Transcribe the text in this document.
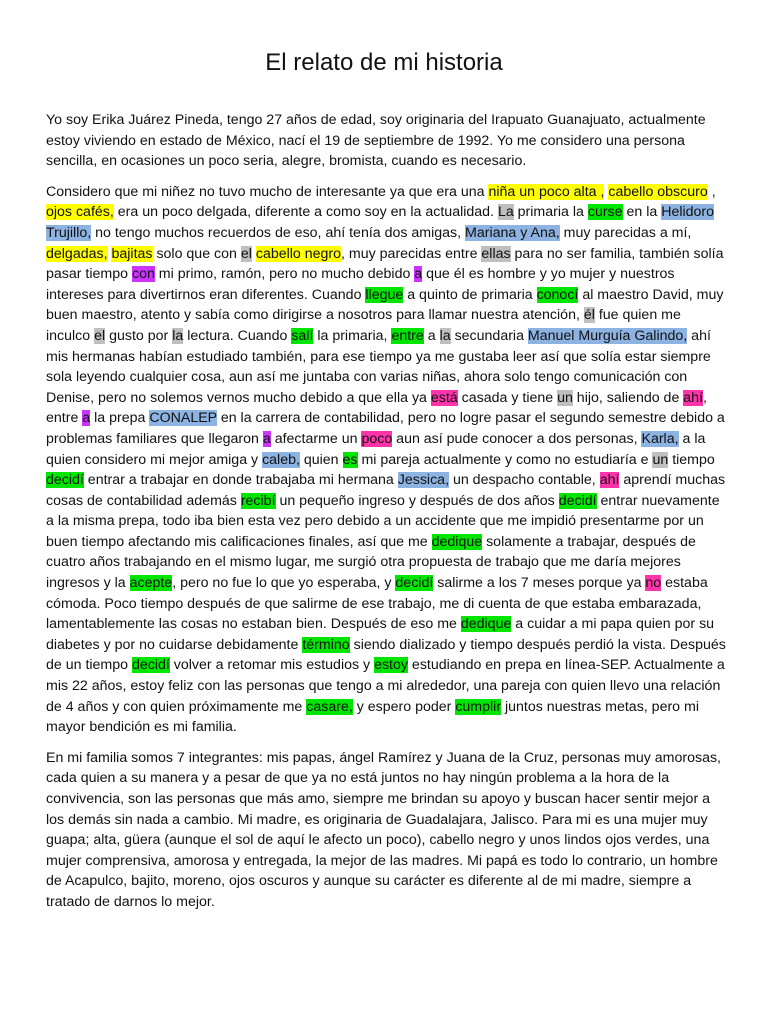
El relato de mi historia

Yo soy Erika Juárez Pineda, tengo 27 años de edad, soy originaria del Irapuato Guanajuato, actualmente estoy viviendo en estado de México, nací el 19 de septiembre de 1992. Yo me considero una persona sencilla, en ocasiones un poco seria, alegre, bromista, cuando es necesario.

Considero que mi niñez no tuvo mucho de interesante ya que era una niña un poco alta , cabello obscuro , ojos cafés, era un poco delgada, diferente a como soy en la actualidad. La primaria la curse en la Helidoro Trujillo, no tengo muchos recuerdos de eso, ahí tenía dos amigas, Mariana y Ana, muy parecidas a mí, delgadas, bajitas solo que con el cabello negro, muy parecidas entre ellas para no ser familia, también solía pasar tiempo con mi primo, ramón, pero no mucho debido a que él es hombre y yo mujer y nuestros intereses para divertirnos eran diferentes. Cuando llegue a quinto de primaria conocí al maestro David, muy buen maestro, atento y sabía como dirigirse a nosotros para llamar nuestra atención, él fue quien me inculco el gusto por la lectura. Cuando salí la primaria, entre a la secundaria Manuel Murguía Galindo, ahí mis hermanas habían estudiado también, para ese tiempo ya me gustaba leer así que solía estar siempre sola leyendo cualquier cosa, aun así me juntaba con varias niñas, ahora solo tengo comunicación con Denise, pero no solemos vernos mucho debido a que ella ya está casada y tiene un hijo, saliendo de ahí, entre a la prepa CONALEP en la carrera de contabilidad, pero no logre pasar el segundo semestre debido a problemas familiares que llegaron a afectarme un poco aun así pude conocer a dos personas, Karla, a la quien considero mi mejor amiga y caleb, quien es mi pareja actualmente y como no estudiaría e un tiempo decidí entrar a trabajar en donde trabajaba mi hermana Jessica, un despacho contable, ahí aprendí muchas cosas de contabilidad además recibí un pequeño ingreso y después de dos años decidí entrar nuevamente a la misma prepa, todo iba bien esta vez pero debido a un accidente que me impidió presentarme por un buen tiempo afectando mis calificaciones finales, así que me dedique solamente a trabajar, después de cuatro años trabajando en el mismo lugar, me surgió otra propuesta de trabajo que me daría mejores ingresos y la acepte, pero no fue lo que yo esperaba, y decidí salirme a los 7 meses porque ya no estaba cómoda. Poco tiempo después de que salirme de ese trabajo, me di cuenta de que estaba embarazada, lamentablemente las cosas no estaban bien. Después de eso me dedique a cuidar a mi papa quien por su diabetes y por no cuidarse debidamente término siendo dializado y tiempo después perdió la vista. Después de un tiempo decidí volver a retomar mis estudios y estoy estudiando en prepa en línea-SEP. Actualmente a mis 22 años, estoy feliz con las personas que tengo a mi alrededor, una pareja con quien llevo una relación de 4 años y con quien próximamente me casare, y espero poder cumplir juntos nuestras metas, pero mi mayor bendición es mi familia.

En mi familia somos 7 integrantes: mis papas, ángel Ramírez y Juana de la Cruz, personas muy amorosas, cada quien a su manera y a pesar de que ya no está juntos no hay ningún problema a la hora de la convivencia, son las personas que más amo, siempre me brindan su apoyo y buscan hacer sentir mejor a los demás sin nada a cambio. Mi madre, es originaria de Guadalajara, Jalisco. Para mi es una mujer muy guapa; alta, güera (aunque el sol de aquí le afecto un poco), cabello negro y unos lindos ojos verdes, una mujer comprensiva, amorosa y entregada, la mejor de las madres. Mi papá es todo lo contrario, un hombre de Acapulco, bajito, moreno, ojos oscuros y aunque su carácter es diferente al de mi madre, siempre a tratado de darnos lo mejor.
